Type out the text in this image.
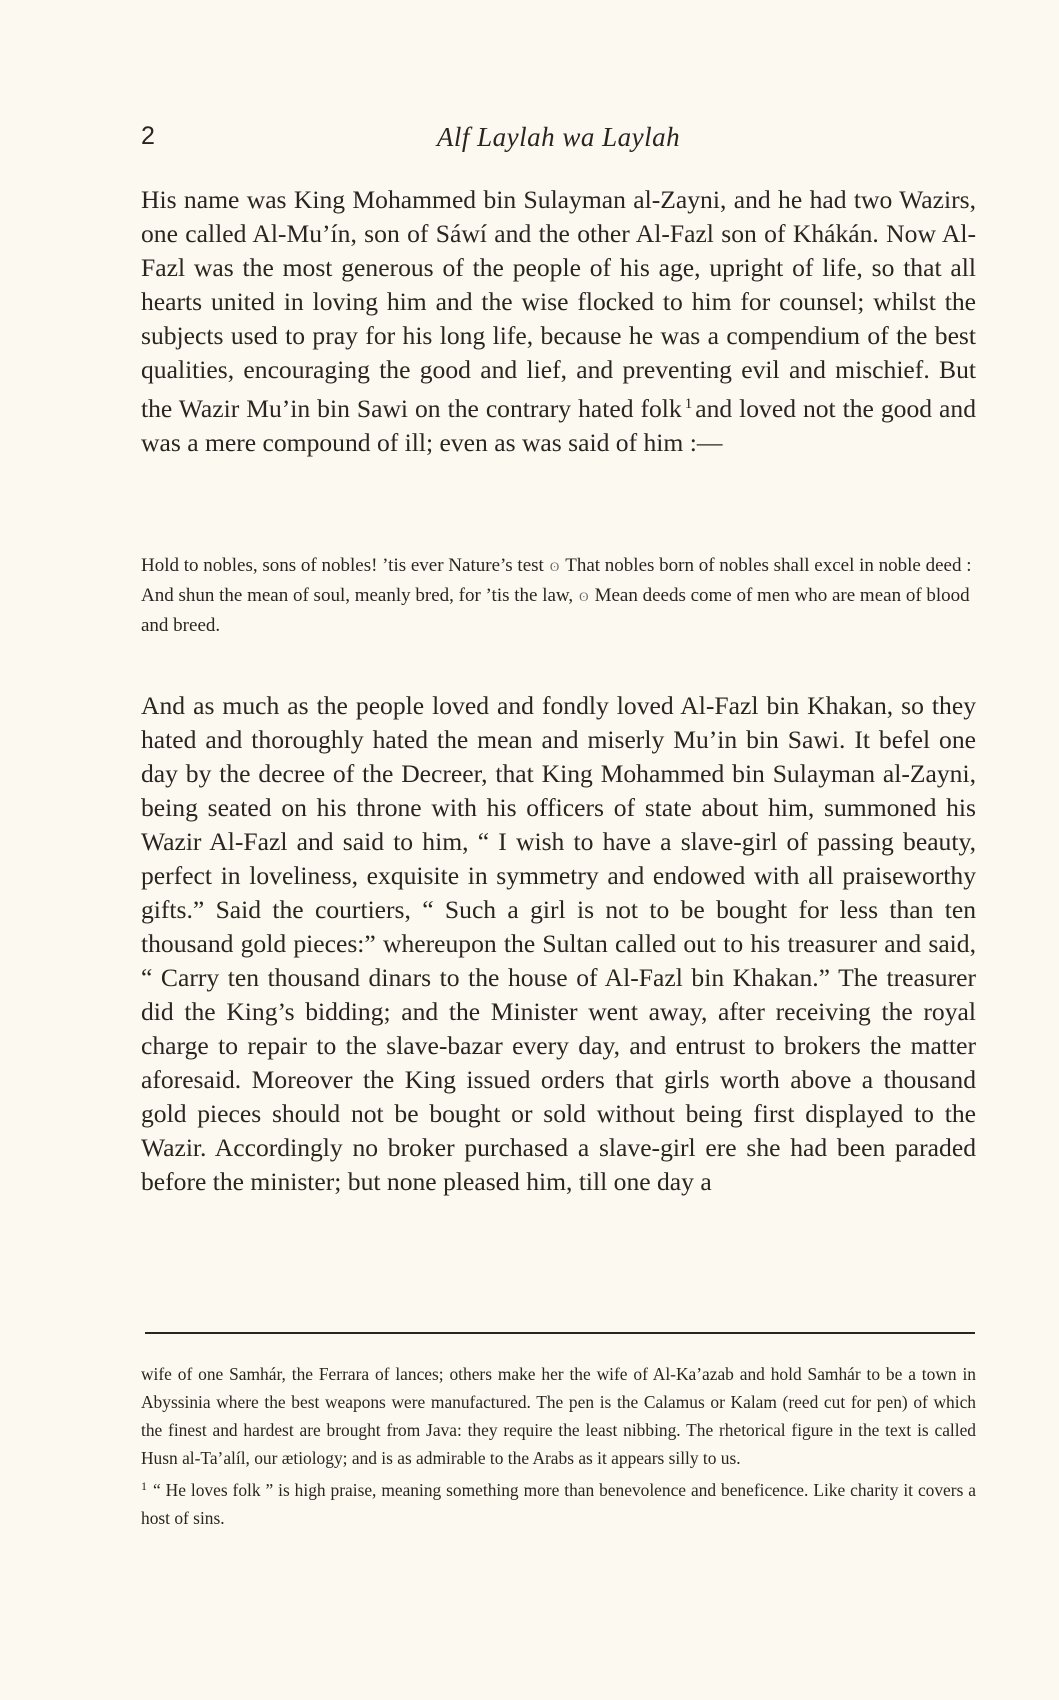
2	Alf Laylah wa Laylah

His name was King Mohammed bin Sulayman al-Zayni, and he had two Wazirs, one called Al-Mu’ín, son of Sáwí and the other Al-Fazl son of Khákán. Now Al-Fazl was the most generous of the people of his age, upright of life, so that all hearts united in loving him and the wise flocked to him for counsel; whilst the subjects used to pray for his long life, because he was a compendium of the best qualities, encouraging the good and lief, and preventing evil and mischief. But the Wazir Mu’in bin Sawi on the contrary hated folk $^1$ and loved not the good and was a mere compound of ill; even as was said of him :—

Hold to nobles, sons of nobles! ’tis ever Nature’s test ʘ That nobles born of nobles shall excel in noble deed :

And shun the mean of soul, meanly bred, for ’tis the law, ʘ Mean deeds come of men who are mean of blood and breed.

And as much as the people loved and fondly loved Al-Fazl bin Khakan, so they hated and thoroughly hated the mean and miserly Mu’in bin Sawi. It befel one day by the decree of the Decreer, that King Mohammed bin Sulayman al-Zayni, being seated on his throne with his officers of state about him, summoned his Wazir Al-Fazl and said to him, “ I wish to have a slave-girl of passing beauty, perfect in loveliness, exquisite in symmetry and endowed with all praiseworthy gifts.” Said the courtiers, “ Such a girl is not to be bought for less than ten thousand gold pieces:” whereupon the Sultan called out to his treasurer and said, “ Carry ten thousand dinars to the house of Al-Fazl bin Khakan.” The treasurer did the King’s bidding; and the Minister went away, after receiving the royal charge to repair to the slave-bazar every day, and entrust to brokers the matter aforesaid. Moreover the King issued orders that girls worth above a thousand gold pieces should not be bought or sold without being first displayed to the Wazir. Accordingly no broker purchased a slave-girl ere she had been paraded before the minister; but none pleased him, till one day a

wife of one Samhár, the Ferrara of lances; others make her the wife of Al-Ka’azab and hold Samhár to be a town in Abyssinia where the best weapons were manufactured. The pen is the Calamus or Kalam (reed cut for pen) of which the finest and hardest are brought from Java: they require the least nibbing. The rhetorical figure in the text is called Husn al-Ta’alíl, our ætiology; and is as admirable to the Arabs as it appears silly to us.

$^1$ “ He loves folk ” is high praise, meaning something more than benevolence and beneficence. Like charity it covers a host of sins.
